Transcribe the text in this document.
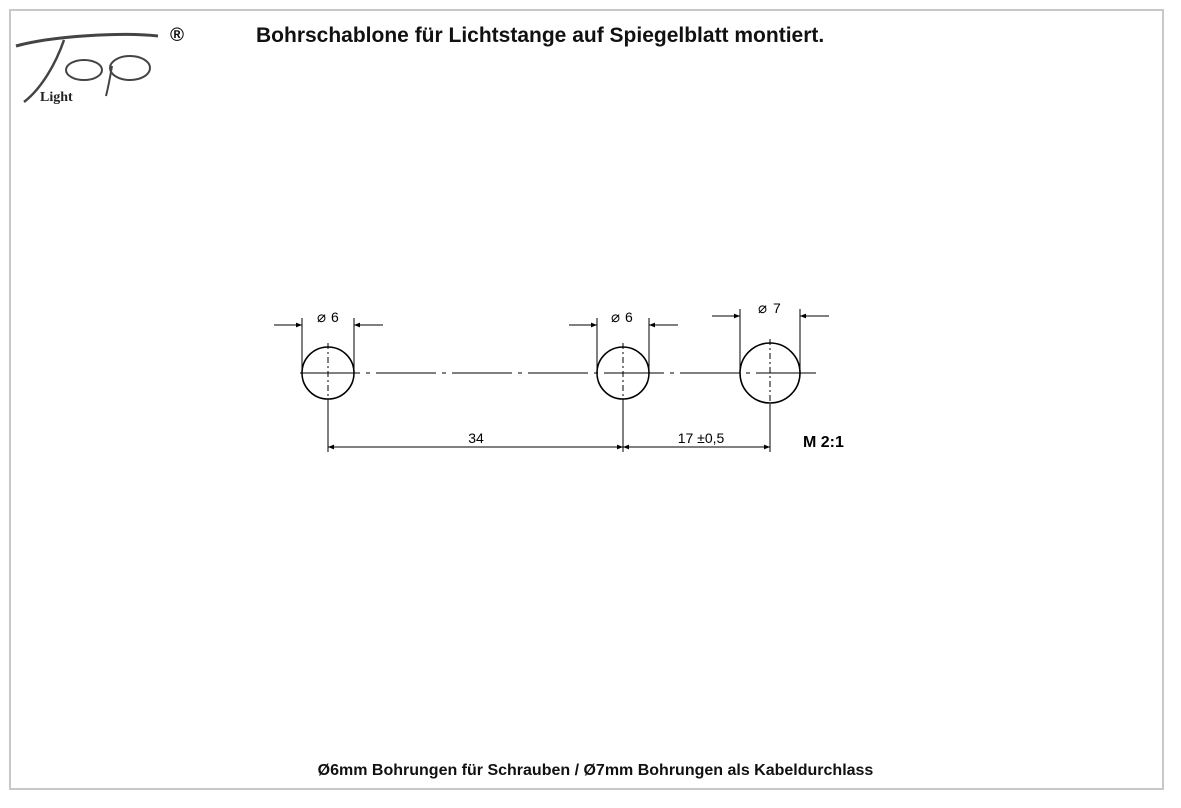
Light
®	Bohrschablone für Lichtstange auf Spiegelblatt montiert.
⌀ 6	⌀ 6	⌀ 7
34	17 ±0,5	M 2:1
Ø6mm Bohrungen für Schrauben / Ø7mm Bohrungen als Kabeldurchlass
